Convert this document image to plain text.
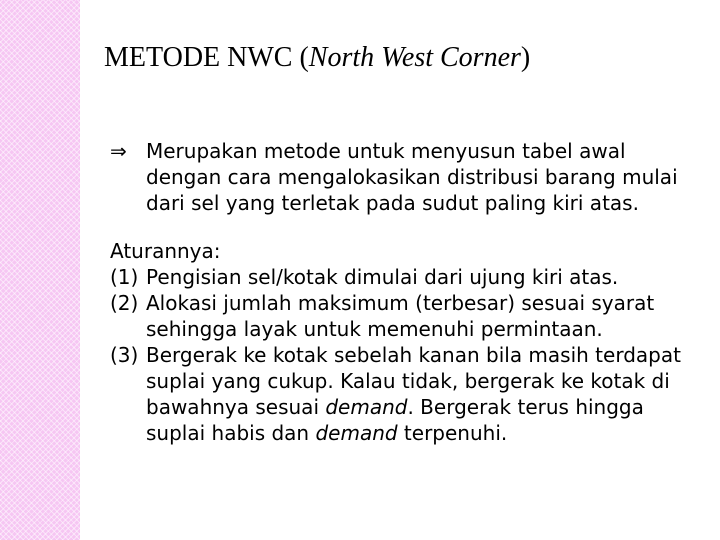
METODE NWC (North West Corner)

⇒ Merupakan metode untuk menyusun tabel awal dengan cara mengalokasikan distribusi barang mulai dari sel yang terletak pada sudut paling kiri atas.

Aturannya:

(1) Pengisian sel/kotak dimulai dari ujung kiri atas.

(2) Alokasi jumlah maksimum (terbesar) sesuai syarat sehingga layak untuk memenuhi permintaan.

(3) Bergerak ke kotak sebelah kanan bila masih terdapat suplai yang cukup. Kalau tidak, bergerak ke kotak di bawahnya sesuai demand. Bergerak terus hingga suplai habis dan demand terpenuhi.
